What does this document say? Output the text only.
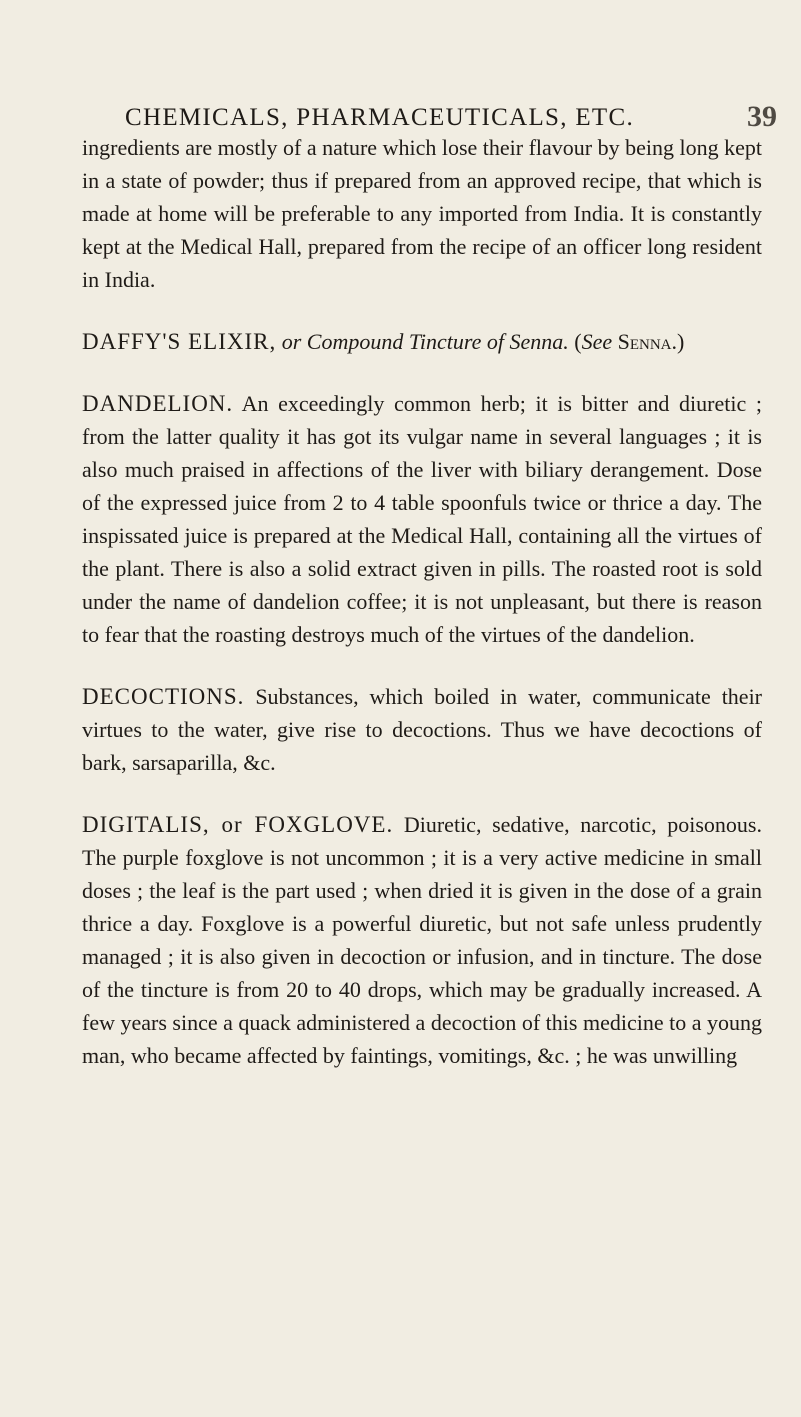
CHEMICALS, PHARMACEUTICALS, ETC.	39

ingredients are mostly of a nature which lose their flavour by being long kept in a state of powder; thus if prepared from an approved recipe, that which is made at home will be preferable to any imported from India. It is constantly kept at the Medical Hall, prepared from the recipe of an officer long resident in India.

DAFFY'S ELIXIR, or Compound Tincture of Senna. (See Senna.)

DANDELION. An exceedingly common herb; it is bitter and diuretic ; from the latter quality it has got its vulgar name in several languages ; it is also much praised in affections of the liver with biliary derangement. Dose of the expressed juice from 2 to 4 table spoonfuls twice or thrice a day. The inspissated juice is prepared at the Medical Hall, containing all the virtues of the plant. There is also a solid extract given in pills. The roasted root is sold under the name of dandelion coffee; it is not unpleasant, but there is reason to fear that the roasting destroys much of the virtues of the dandelion.

DECOCTIONS. Substances, which boiled in water, communicate their virtues to the water, give rise to decoctions. Thus we have decoctions of bark, sarsaparilla, &c.

DIGITALIS, or FOXGLOVE. Diuretic, sedative, narcotic, poisonous. The purple foxglove is not uncommon ; it is a very active medicine in small doses ; the leaf is the part used ; when dried it is given in the dose of a grain thrice a day. Foxglove is a powerful diuretic, but not safe unless prudently managed ; it is also given in decoction or infusion, and in tincture. The dose of the tincture is from 20 to 40 drops, which may be gradually increased. A few years since a quack administered a decoction of this medicine to a young man, who became affected by faintings, vomitings, &c. ; he was unwilling
